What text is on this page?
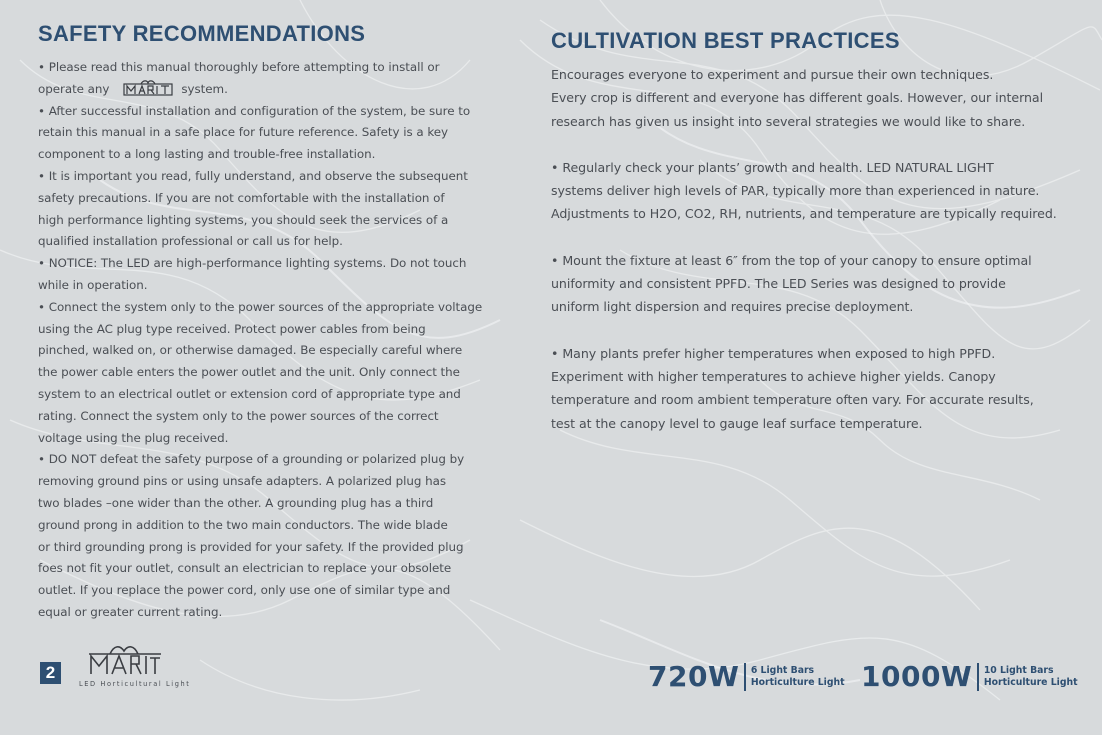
SAFETY RECOMMENDATIONS

• Please read this manual thoroughly before attempting to install or

operate any	system.

• After successful installation and configuration of the system, be sure to

retain this manual in a safe place for future reference. Safety is a key

component to a long lasting and trouble-free installation.

• It is important you read, fully understand, and observe the subsequent

safety precautions. If you are not comfortable with the installation of

high performance lighting systems, you should seek the services of a

qualified installation professional or call us for help.

• NOTICE: The LED are high-performance lighting systems. Do not touch

while in operation.

• Connect the system only to the power sources of the appropriate voltage

using the AC plug type received. Protect power cables from being

pinched, walked on, or otherwise damaged. Be especially careful where

the power cable enters the power outlet and the unit. Only connect the

system to an electrical outlet or extension cord of appropriate type and

rating. Connect the system only to the power sources of the correct

voltage using the plug received.

• DO NOT defeat the safety purpose of a grounding or polarized plug by

removing ground pins or using unsafe adapters. A polarized plug has

two blades –one wider than the other. A grounding plug has a third

ground prong in addition to the two main conductors. The wide blade

or third grounding prong is provided for your safety. If the provided plug

foes not fit your outlet, consult an electrician to replace your obsolete

outlet. If you replace the power cord, only use one of similar type and

equal or greater current rating.

CULTIVATION BEST PRACTICES

Encourages everyone to experiment and pursue their own techniques.

Every crop is different and everyone has different goals. However, our internal

research has given us insight into several strategies we would like to share.

• Regularly check your plants’ growth and health. LED NATURAL LIGHT

systems deliver high levels of PAR, typically more than experienced in nature.

Adjustments to H2O, CO2, RH, nutrients, and temperature are typically required.

• Mount the fixture at least 6″ from the top of your canopy to ensure optimal

uniformity and consistent PPFD. The LED Series was designed to provide

uniform light dispersion and requires precise deployment.

• Many plants prefer higher temperatures when exposed to high PPFD.

Experiment with higher temperatures to achieve higher yields. Canopy

temperature and room ambient temperature often vary. For accurate results,

test at the canopy level to gauge leaf surface temperature.

2
LED Horticultural Light	720W 6 Light Bars
Horticulture Light 1000W 10 Light Bars
Horticulture Light
